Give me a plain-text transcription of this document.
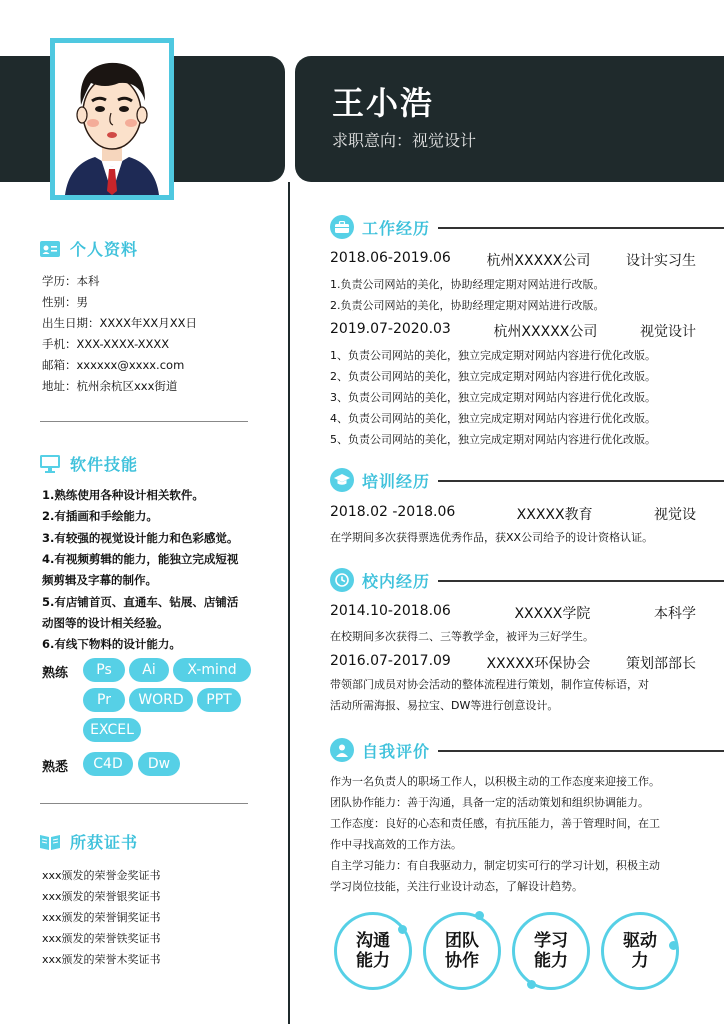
王小浩
求职意向：视觉设计
个人资料
学历：本科
性别：男
出生日期：XXXX年XX月XX日
手机：XXX-XXXX-XXXX
邮箱：xxxxxx@xxxx.com
地址：杭州余杭区xxx街道
软件技能
1.熟练使用各种设计相关软件。
2.有插画和手绘能力。
3.有较强的视觉设计能力和色彩感觉。
4.有视频剪辑的能力，能独立完成短视
频剪辑及字幕的制作。
5.有店铺首页、直通车、钻展、店铺活
动图等的设计相关经验。
6.有线下物料的设计能力。
熟练	Ps	Ai	X-mind
Pr	WORD	PPT
EXCEL
熟悉	C4D	Dw
所获证书
xxx颁发的荣誉金奖证书
xxx颁发的荣誉银奖证书
xxx颁发的荣誉铜奖证书
xxx颁发的荣誉铁奖证书
xxx颁发的荣誉木奖证书
工作经历
2018.06-2019.06	杭州XXXXX公司	设计实习生
1.负责公司网站的美化，协助经理定期对网站进行改版。
2.负责公司网站的美化，协助经理定期对网站进行改版。
2019.07-2020.03	杭州XXXXX公司	视觉设计
1、负责公司网站的美化，独立完成定期对网站内容进行优化改版。
2、负责公司网站的美化，独立完成定期对网站内容进行优化改版。
3、负责公司网站的美化，独立完成定期对网站内容进行优化改版。
4、负责公司网站的美化，独立完成定期对网站内容进行优化改版。
5、负责公司网站的美化，独立完成定期对网站内容进行优化改版。
培训经历
2018.02 -2018.06	XXXXX教育	视觉设
在学期间多次获得票选优秀作品，获XX公司给予的设计资格认证。
校内经历
2014.10-2018.06	XXXXX学院	本科学
在校期间多次获得二、三等教学金，被评为三好学生。
2016.07-2017.09	XXXXX环保协会	策划部部长
带领部门成员对协会活动的整体流程进行策划，制作宣传标语，对
活动所需海报、易拉宝、DW等进行创意设计。
自我评价
作为一名负责人的职场工作人，以积极主动的工作态度来迎接工作。
团队协作能力：善于沟通，具备一定的活动策划和组织协调能力。
工作态度：良好的心态和责任感，有抗压能力，善于管理时间，在工
作中寻找高效的工作方法。
自主学习能力：有自我驱动力，制定切实可行的学习计划，积极主动
学习岗位技能，关注行业设计动态，了解设计趋势。
沟通
能力
团队
协作
学习
能力
驱动
力
